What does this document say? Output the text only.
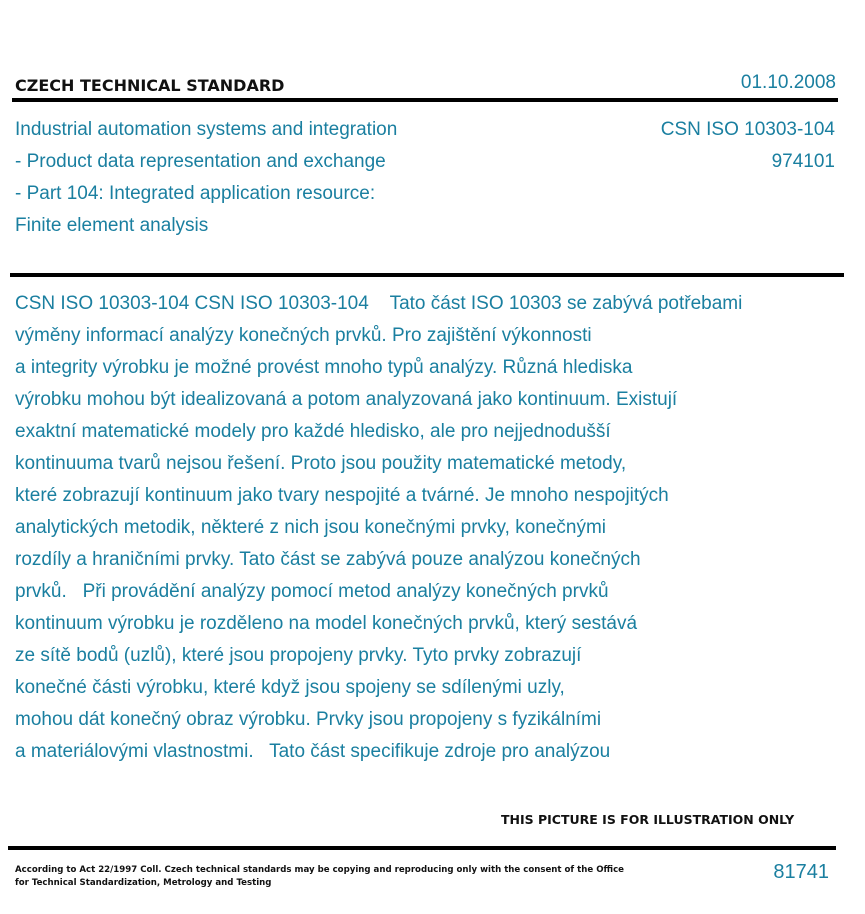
CZECH TECHNICAL STANDARD	01.10.2008
Industrial automation systems and integration
- Product data representation and exchange
- Part 104: Integrated application resource:
Finite element analysis
CSN ISO 10303-104
974101
CSN ISO 10303-104 CSN ISO 10303-104    Tato část ISO 10303 se zabývá potřebami
výměny informací analýzy konečných prvků. Pro zajištění výkonnosti
a integrity výrobku je možné provést mnoho typů analýzy. Různá hlediska
výrobku mohou být idealizovaná a potom analyzovaná jako kontinuum. Existují
exaktní matematické modely pro každé hledisko, ale pro nejjednodušší
kontinuuma tvarů nejsou řešení. Proto jsou použity matematické metody,
které zobrazují kontinuum jako tvary nespojité a tvárné. Je mnoho nespojitých
analytických metodik, některé z nich jsou konečnými prvky, konečnými
rozdíly a hraničními prvky. Tato část se zabývá pouze analýzou konečných
prvků.   Při provádění analýzy pomocí metod analýzy konečných prvků
kontinuum výrobku je rozděleno na model konečných prvků, který sestává
ze sítě bodů (uzlů), které jsou propojeny prvky. Tyto prvky zobrazují
konečné části výrobku, které když jsou spojeny se sdílenými uzly,
mohou dát konečný obraz výrobku. Prvky jsou propojeny s fyzikálními
a materiálovými vlastnostmi.   Tato část specifikuje zdroje pro analýzou
THIS PICTURE IS FOR ILLUSTRATION ONLY
According to Act 22/1997 Coll. Czech technical standards may be copying and reproducing only with the consent of the Office
for Technical Standardization, Metrology and Testing	81741
